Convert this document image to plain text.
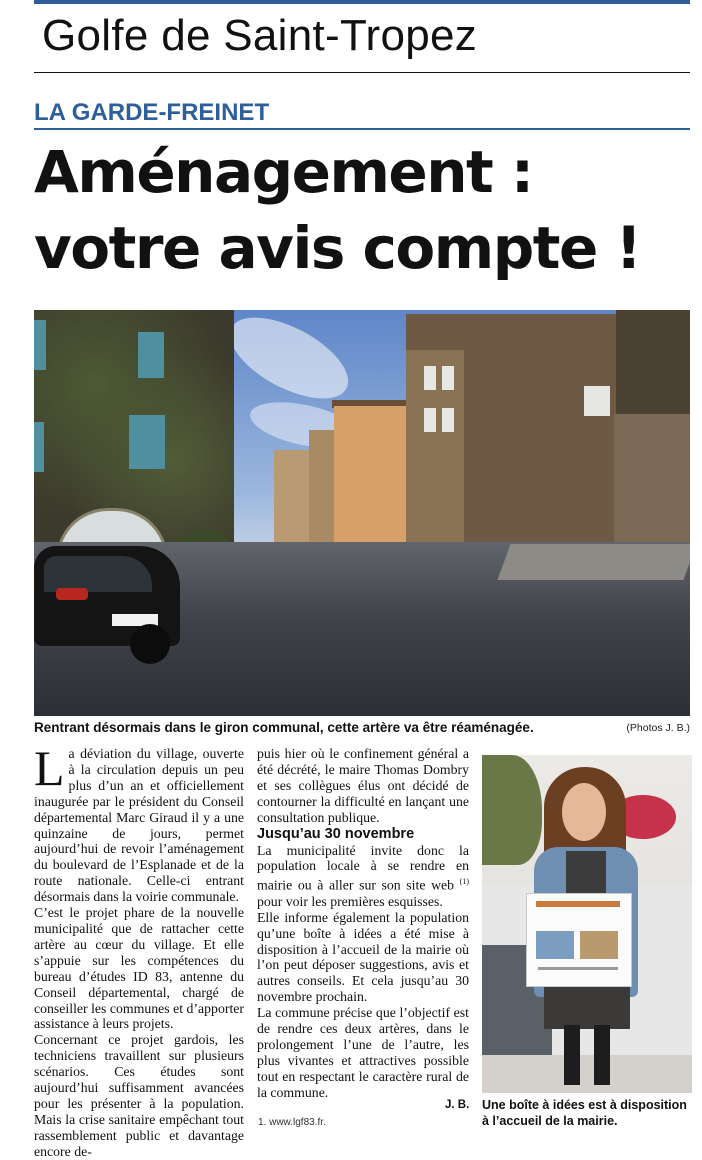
Golfe de Saint-Tropez
LA GARDE-FREINET
Aménagement : votre avis compte !
Rentrant désormais dans le giron communal, cette artère va être réaménagée.	(Photos J. B.)

La déviation du village, ouverte à la circulation depuis un peu plus d’un an et officiellement inaugurée par le président du Conseil départemental Marc Giraud il y a une quinzaine de jours, permet aujourd’hui de revoir l’aménagement du boulevard de l’Esplanade et de la route nationale. Celle-ci entrant désormais dans la voirie communale.

C’est le projet phare de la nouvelle municipalité que de rattacher cette artère au cœur du village. Et elle s’appuie sur les compétences du bureau d’études ID 83, antenne du Conseil départemental, chargé de conseiller les communes et d’apporter assistance à leurs projets.

Concernant ce projet gardois, les techniciens travaillent sur plusieurs scénarios. Ces études sont aujourd’hui suffisamment avancées pour les présenter à la population. Mais la crise sanitaire empêchant tout rassemblement public et davantage encore de-

puis hier où le confinement général a été décrété, le maire Thomas Dombry et ses collègues élus ont décidé de contourner la difficulté en lançant une consultation publique.

Jusqu’au 30 novembre

La municipalité invite donc la population locale à se rendre en mairie ou à aller sur son site web $^{(1)}$ pour voir les premières esquisses.

Elle informe également la population qu’une boîte à idées a été mise à disposition à l’accueil de la mairie où l’on peut déposer suggestions, avis et autres conseils. Et cela jusqu’au 30 novembre prochain.

La commune précise que l’objectif est de rendre ces deux artères, dans le prolongement l’une de l’autre, les plus vivantes et attractives possible tout en respectant le caractère rural de la commune.

J. B.
1. www.lgf83.fr.
Une boîte à idées est à disposition à l’accueil de la mairie.
